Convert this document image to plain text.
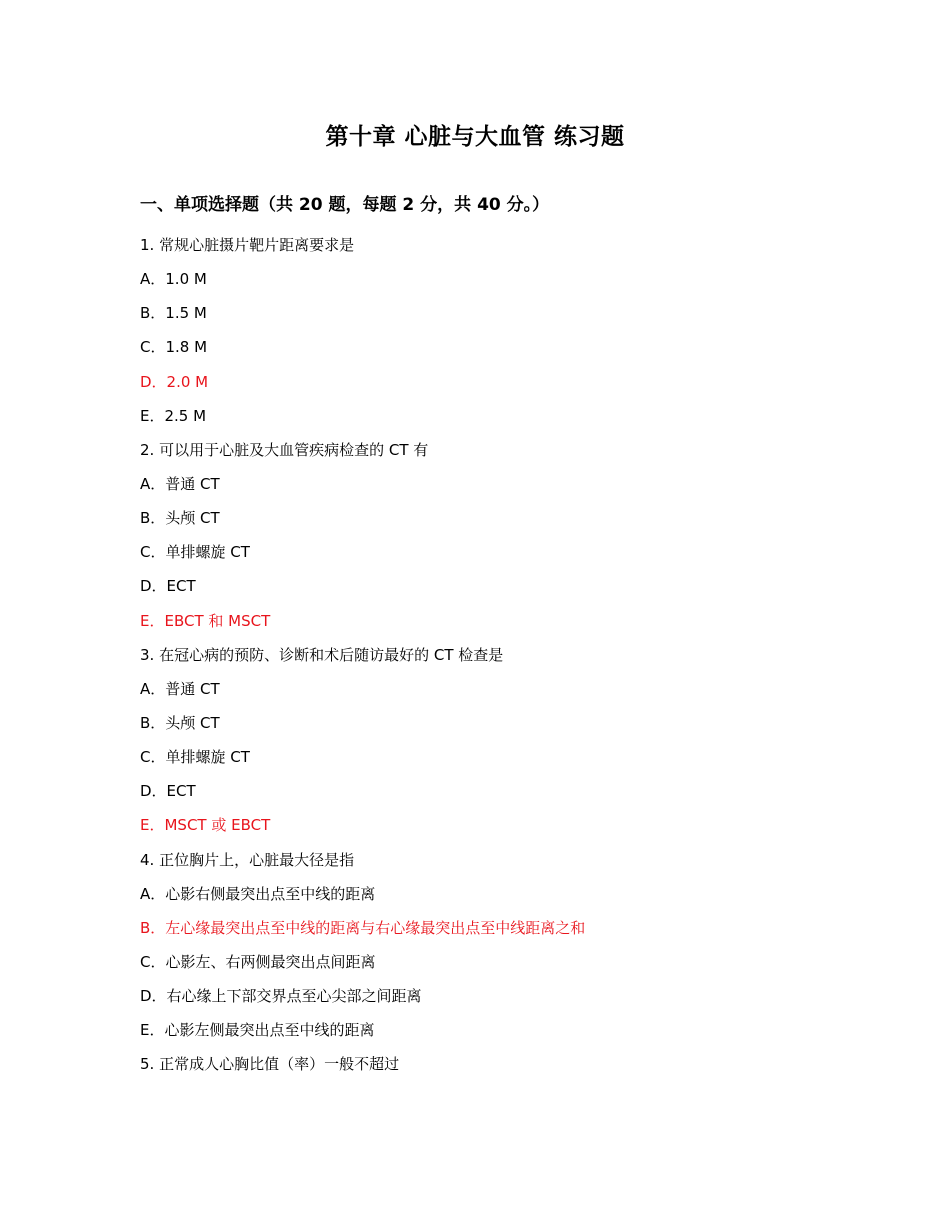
第十章 心脏与大血管 练习题
一、单项选择题（共 20 题，每题 2 分，共 40 分。）
1. 常规心脏摄片靶片距离要求是
A．1.0 M
B．1.5 M
C．1.8 M
D．2.0 M
E．2.5 M
2. 可以用于心脏及大血管疾病检查的 CT 有
A．普通 CT
B．头颅 CT
C．单排螺旋 CT
D．ECT
E．EBCT 和 MSCT
3. 在冠心病的预防、诊断和术后随访最好的 CT 检查是
A．普通 CT
B．头颅 CT
C．单排螺旋 CT
D．ECT
E．MSCT 或 EBCT
4. 正位胸片上，心脏最大径是指
A．心影右侧最突出点至中线的距离
B．左心缘最突出点至中线的距离与右心缘最突出点至中线距离之和
C．心影左、右两侧最突出点间距离
D．右心缘上下部交界点至心尖部之间距离
E．心影左侧最突出点至中线的距离
5. 正常成人心胸比值（率）一般不超过
